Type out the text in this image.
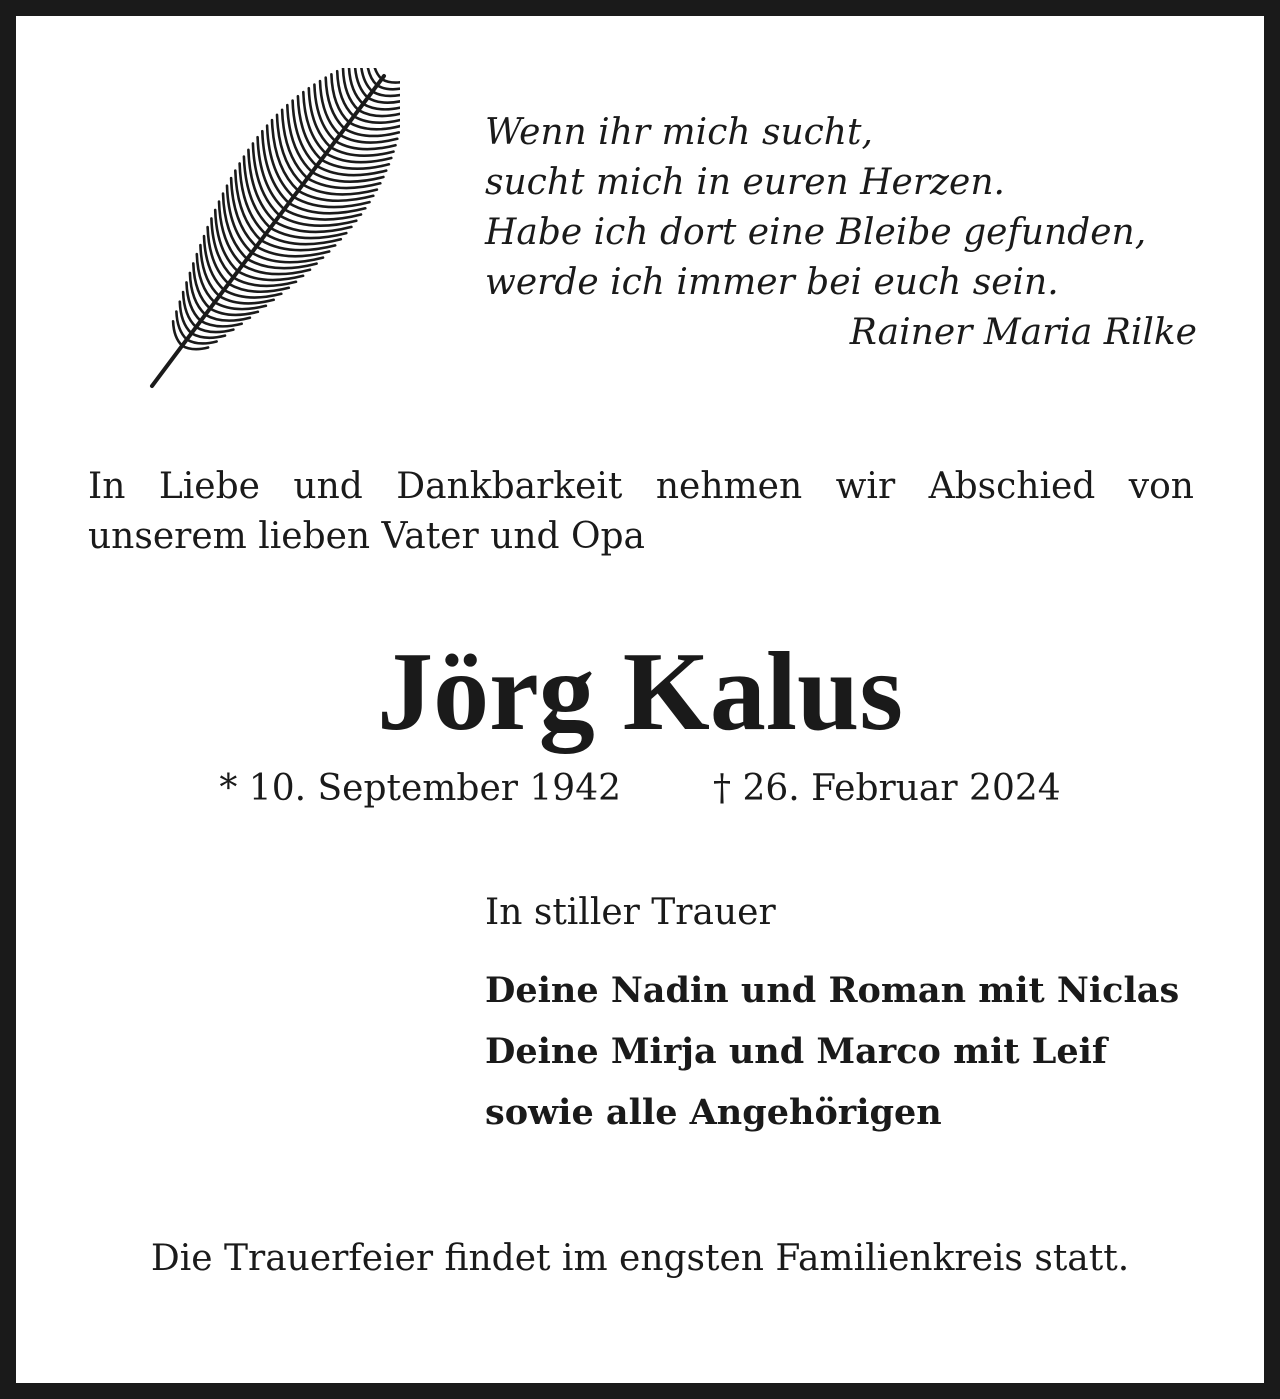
Wenn ihr mich sucht,
sucht mich in euren Herzen.
Habe ich dort eine Bleibe gefunden,
werde ich immer bei euch sein.
Rainer Maria Rilke
In Liebe und Dankbarkeit nehmen wir Abschied von unserem lieben Vater und Opa
Jörg Kalus
* 10. September 1942	† 26. Februar 2024
In stiller Trauer
Deine Nadin und Roman mit Niclas
Deine Mirja und Marco mit Leif
sowie alle Angehörigen
Die Trauerfeier findet im engsten Familienkreis statt.
